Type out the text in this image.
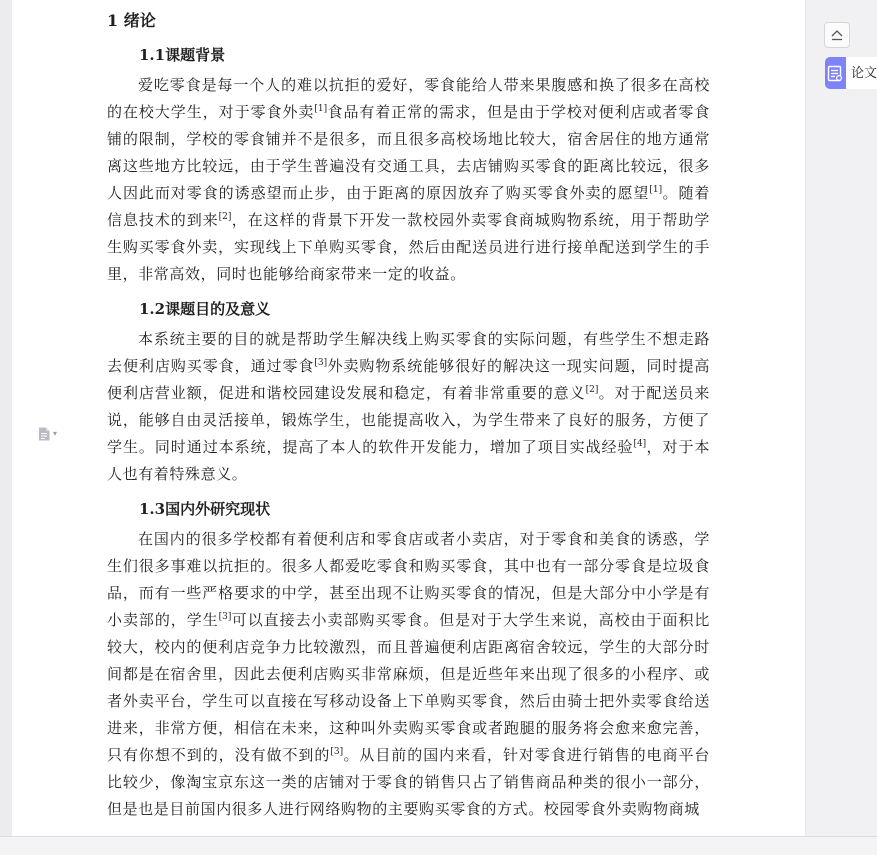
1 绪论
1.1课题背景

爱吃零食是每一个人的难以抗拒的爱好，零食能给人带来果腹感和换了很多在高校的在校大学生，对于零食外卖[1]食品有着正常的需求，但是由于学校对便利店或者零食铺的限制，学校的零食铺并不是很多，而且很多高校场地比较大，宿舍居住的地方通常离这些地方比较远，由于学生普遍没有交通工具，去店铺购买零食的距离比较远，很多人因此而对零食的诱惑望而止步，由于距离的原因放弃了购买零食外卖的愿望[1]。随着信息技术的到来[2]，在这样的背景下开发一款校园外卖零食商城购物系统，用于帮助学生购买零食外卖，实现线上下单购买零食，然后由配送员进行进行接单配送到学生的手里，非常高效，同时也能够给商家带来一定的收益。

1.2课题目的及意义

本系统主要的目的就是帮助学生解决线上购买零食的实际问题，有些学生不想走路去便利店购买零食，通过零食[3]外卖购物系统能够很好的解决这一现实问题，同时提高便利店营业额，促进和谐校园建设发展和稳定，有着非常重要的意义[2]。对于配送员来说，能够自由灵活接单，锻炼学生，也能提高收入，为学生带来了良好的服务，方便了学生。同时通过本系统，提高了本人的软件开发能力，增加了项目实战经验[4]，对于本人也有着特殊意义。

1.3国内外研究现状

在国内的很多学校都有着便利店和零食店或者小卖店，对于零食和美食的诱惑，学生们很多事难以抗拒的。很多人都爱吃零食和购买零食，其中也有一部分零食是垃圾食品，而有一些严格要求的中学，甚至出现不让购买零食的情况，但是大部分中小学是有小卖部的，学生[3]可以直接去小卖部购买零食。但是对于大学生来说，高校由于面积比较大，校内的便利店竞争力比较激烈，而且普遍便利店距离宿舍较远，学生的大部分时间都是在宿舍里，因此去便利店购买非常麻烦，但是近些年来出现了很多的小程序、或者外卖平台，学生可以直接在写移动设备上下单购买零食，然后由骑士把外卖零食给送进来，非常方便，相信在未来，这种叫外卖购买零食或者跑腿的服务将会愈来愈完善，只有你想不到的，没有做不到的[3]。从目前的国内来看，针对零食进行销售的电商平台比较少，像淘宝京东这一类的店铺对于零食的销售只占了销售商品种类的很小一部分，但是也是目前国内很多人进行网络购物的主要购买零食的方式。校园零食外卖购物商城

▾
论文
